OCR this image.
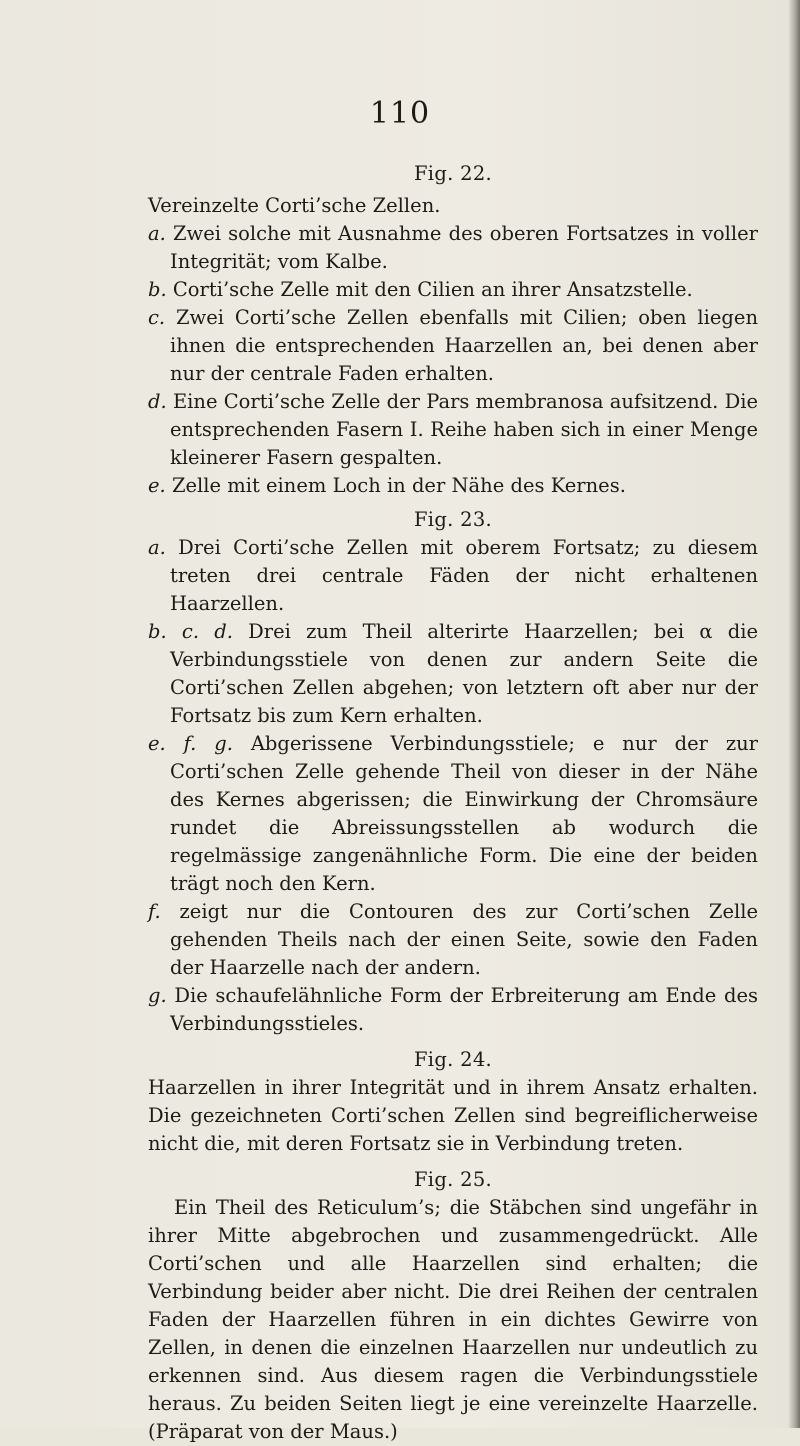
110
Fig. 22.

Vereinzelte Corti’sche Zellen.

a. Zwei solche mit Ausnahme des oberen Fortsatzes in voller Integrität; vom Kalbe.
b. Corti’sche Zelle mit den Cilien an ihrer Ansatzstelle.
c. Zwei Corti’sche Zellen ebenfalls mit Cilien; oben liegen ihnen die entsprechenden Haarzellen an, bei denen aber nur der centrale Faden erhalten.
d. Eine Corti’sche Zelle der Pars membranosa aufsitzend. Die entsprechenden Fasern I. Reihe haben sich in einer Menge kleinerer Fasern gespalten.
e. Zelle mit einem Loch in der Nähe des Kernes.
Fig. 23.
a. Drei Corti’sche Zellen mit oberem Fortsatz; zu diesem treten drei centrale Fäden der nicht erhaltenen Haarzellen.
b. c. d. Drei zum Theil alterirte Haarzellen; bei α die Verbindungsstiele von denen zur andern Seite die Corti’schen Zellen abgehen; von letztern oft aber nur der Fortsatz bis zum Kern erhalten.
e. f. g. Abgerissene Verbindungsstiele; e nur der zur Corti’schen Zelle gehende Theil von dieser in der Nähe des Kernes abgerissen; die Einwirkung der Chromsäure rundet die Abreissungsstellen ab wodurch die regelmässige zangenähnliche Form. Die eine der beiden trägt noch den Kern.
f. zeigt nur die Contouren des zur Corti’schen Zelle gehenden Theils nach der einen Seite, sowie den Faden der Haarzelle nach der andern.
g. Die schaufelähnliche Form der Erbreiterung am Ende des Verbindungsstieles.
Fig. 24.

Haarzellen in ihrer Integrität und in ihrem Ansatz erhalten. Die gezeichneten Corti’schen Zellen sind begreiflicherweise nicht die, mit deren Fortsatz sie in Verbindung treten.

Fig. 25.

Ein Theil des Reticulum’s; die Stäbchen sind ungefähr in ihrer Mitte abgebrochen und zusammengedrückt. Alle Corti’schen und alle Haarzellen sind erhalten; die Verbindung beider aber nicht. Die drei Reihen der centralen Faden der Haarzellen führen in ein dichtes Gewirre von Zellen, in denen die einzelnen Haarzellen nur undeutlich zu erkennen sind. Aus diesem ragen die Verbindungsstiele heraus. Zu beiden Seiten liegt je eine vereinzelte Haarzelle. (Präparat von der Maus.)
